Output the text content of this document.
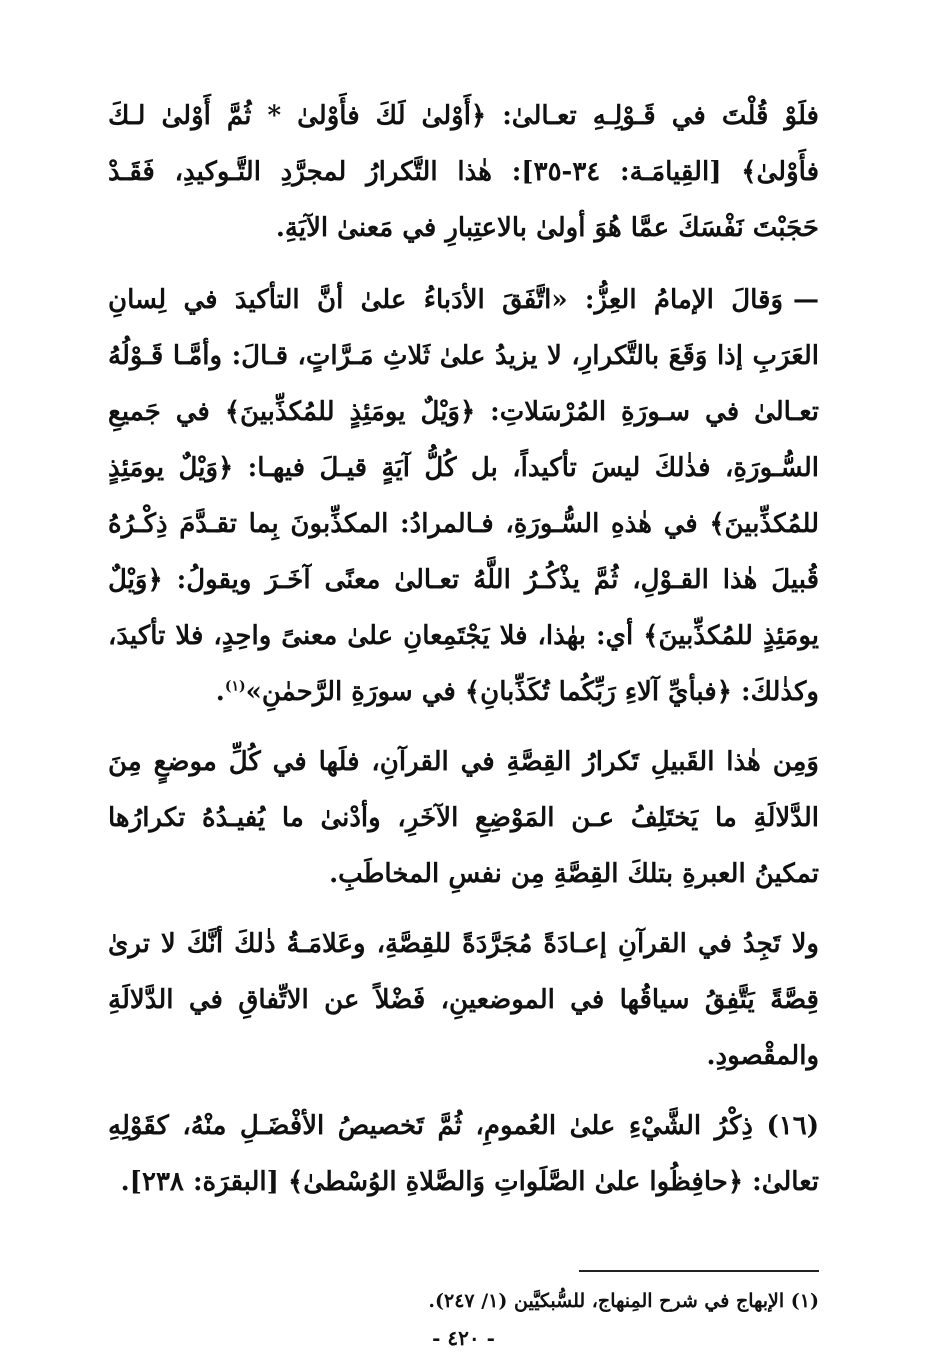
فلَوْ قُلْتَ في قَـوْلِـهِ تعـالىٰ: ﴿أَوْلىٰ لَكَ فأَوْلىٰ * ثُمَّ أَوْلىٰ لـكَ فأَوْلىٰ﴾ [القِيامَـة: ٣٤-٣٥]: هٰذا التَّكرارُ لمجرَّدِ التَّـوكيدِ، فَقَـدْ حَجَبْتَ نَفْسَكَ عمَّا هُوَ أولىٰ بالاعتِبارِ في مَعنىٰ الآيَةِ.

—وَقالَ الإمامُ العِزُّ: «اتَّفَقَ الأدَباءُ علىٰ أنَّ التأكيدَ في لِسانِ العَرَبِ إذا وَقَعَ بالتَّكرارِ، لا يزيدُ علىٰ ثَلاثِ مَـرَّاتٍ، قـالَ: وأمَّـا قَـوْلُهُ تعـالىٰ في سـورَةِ المُرْسَلاتِ: ﴿وَيْلٌ يومَئِذٍ للمُكذِّبينَ﴾ في جَميعِ السُّـورَةِ، فذٰلكَ ليسَ تأكيداً، بل كُلُّ آيَةٍ قيـلَ فيهـا: ﴿وَيْلٌ يومَئِذٍ للمُكذِّبينَ﴾ في هٰذهِ السُّـورَةِ، فـالمرادُ: المكذِّبونَ بِما تقـدَّمَ ذِكْـرُهُ قُبيلَ هٰذا القـوْلِ، ثُمَّ يذْكُـرُ اللَّهُ تعـالىٰ معنًى آخَـرَ ويقولُ: ﴿وَيْلٌ يومَئِذٍ للمُكذِّبينَ﴾ أي: بهٰذا، فلا يَجْتَمِعانِ علىٰ معنىً واحِدٍ، فلا تأكيدَ، وكذٰلكَ: ﴿فبأيِّ آلاءِ رَبِّكُما تُكَذِّبانِ﴾ في سورَةِ الرَّحمٰنِ»$^{(١)}$.

وَمِن هٰذا القَبيلِ تَكرارُ القِصَّةِ في القرآنِ، فلَها في كُلِّ موضعٍ مِنَ الدَّلالَةِ ما يَختَلِفُ عـن المَوْضِعِ الآخَرِ، وأدْنىٰ ما يُفيـدُهُ تكرارُها تمكينُ العبرةِ بتلكَ القِصَّةِ مِن نفسِ المخاطَبِ.

ولا تَجِدُ في القرآنِ إعـادَةً مُجَرَّدَةً للقِصَّةِ، وعَلامَـةُ ذٰلكَ أنَّكَ لا ترىٰ قِصَّةً يَتَّفِقُ سياقُها في الموضعينِ، فَضْلاً عن الاتِّفاقِ في الدَّلالَةِ والمقْصودِ.

(١٦) ذِكْرُ الشَّيْءِ علىٰ العُمومِ، ثُمَّ تَخصيصُ الأفْضَـلِ منْهُ، كقَوْلِهِ تعالىٰ: ﴿حافِظُوا علىٰ الصَّلَواتِ وَالصَّلاةِ الوُسْطىٰ﴾ [البقرَة: ٢٣٨].

(١) الإبهاج في شرح المِنهاج، للسُّبكيَّين (١/ ٢٤٧).
- ٤٢٠ -
